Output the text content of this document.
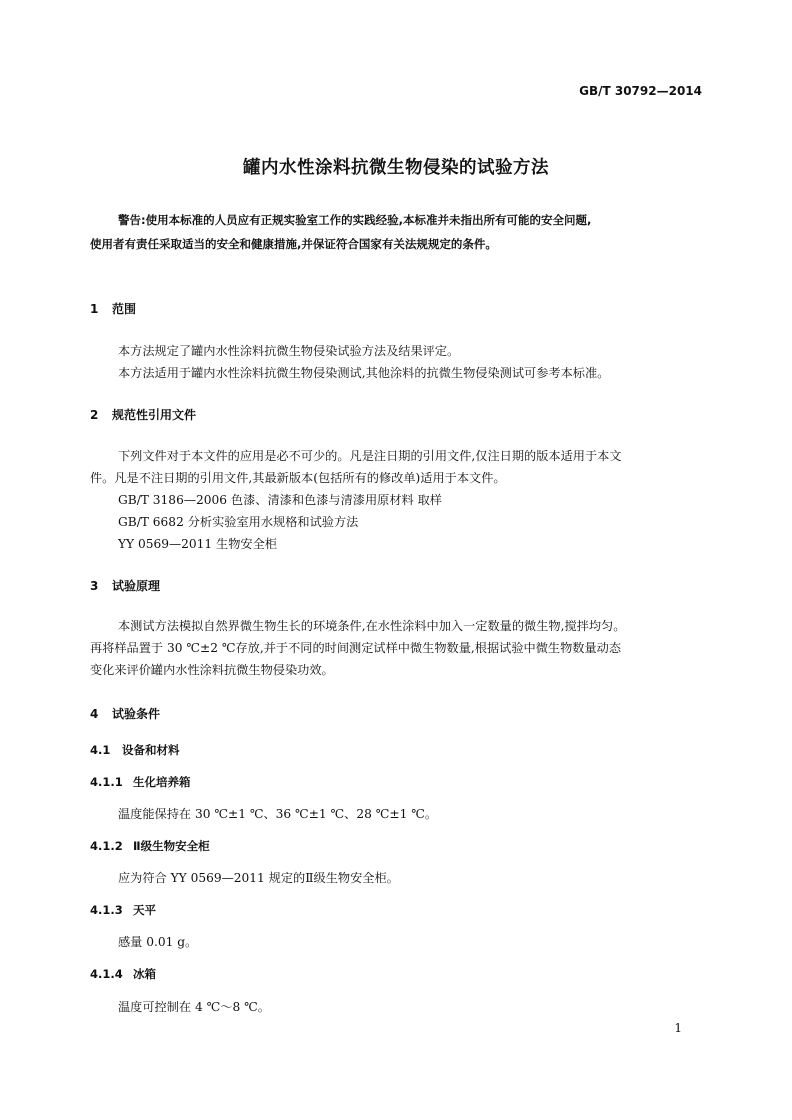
GB/T 30792—2014
罐内水性涂料抗微生物侵染的试验方法
警告:使用本标准的人员应有正规实验室工作的实践经验,本标准并未指出所有可能的安全问题,
使用者有责任采取适当的安全和健康措施,并保证符合国家有关法规规定的条件。
1 范围
本方法规定了罐内水性涂料抗微生物侵染试验方法及结果评定。
本方法适用于罐内水性涂料抗微生物侵染测试,其他涂料的抗微生物侵染测试可参考本标准。
2 规范性引用文件
下列文件对于本文件的应用是必不可少的。凡是注日期的引用文件,仅注日期的版本适用于本文
件。凡是不注日期的引用文件,其最新版本(包括所有的修改单)适用于本文件。
GB/T 3186—2006 色漆、清漆和色漆与清漆用原材料 取样
GB/T 6682 分析实验室用水规格和试验方法
YY 0569—2011 生物安全柜
3 试验原理
本测试方法模拟自然界微生物生长的环境条件,在水性涂料中加入一定数量的微生物,搅拌均匀。
再将样品置于 30 ℃±2 ℃存放,并于不同的时间测定试样中微生物数量,根据试验中微生物数量动态
变化来评价罐内水性涂料抗微生物侵染功效。
4 试验条件
4.1 设备和材料
4.1.1 生化培养箱
温度能保持在 30 ℃±1 ℃、36 ℃±1 ℃、28 ℃±1 ℃。
4.1.2 Ⅱ级生物安全柜
应为符合 YY 0569—2011 规定的Ⅱ级生物安全柜。
4.1.3 天平
感量 0.01 g。
4.1.4 冰箱
温度可控制在 4 ℃～8 ℃。
1
